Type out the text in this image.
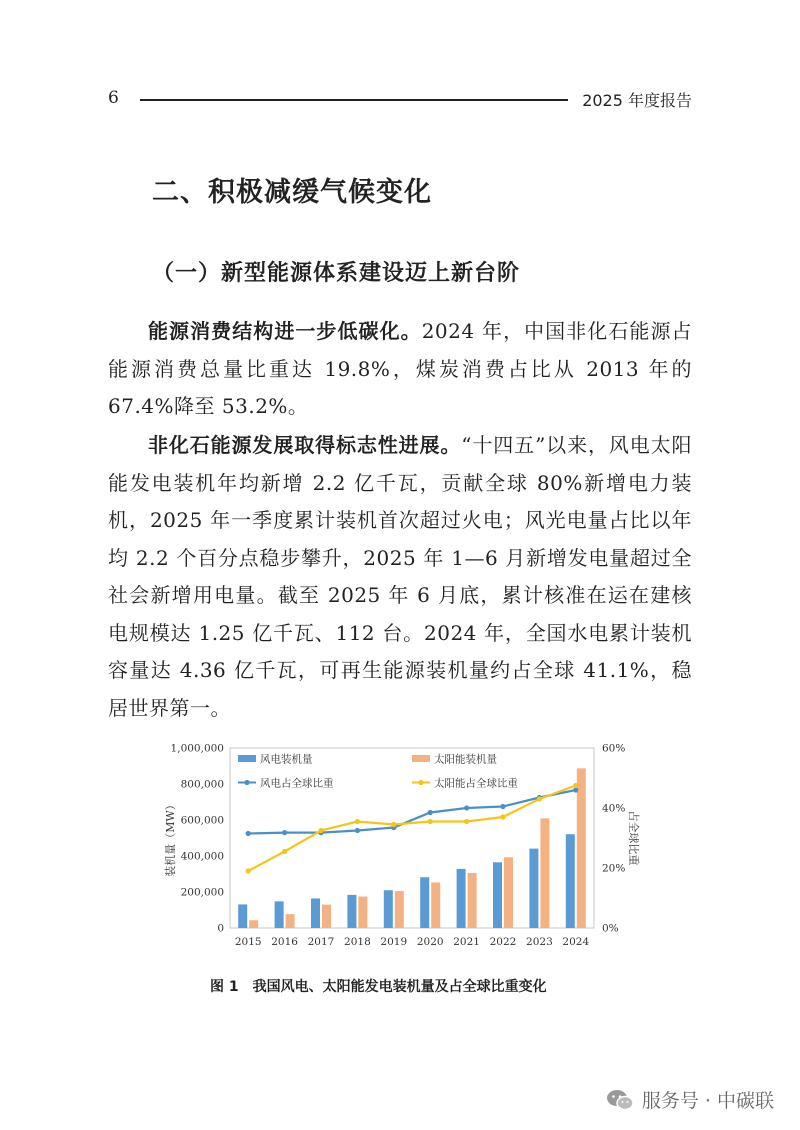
6	2025 年度报告
二、积极减缓气候变化
（一）新型能源体系建设迈上新台阶

能源消费结构进一步低碳化。2024 年，中国非化石能源占能源消费总量比重达 19.8%，煤炭消费占比从 2013 年的 67.4%降至 53.2%。

非化石能源发展取得标志性进展。“十四五”以来，风电太阳能发电装机年均新增 2.2 亿千瓦，贡献全球 80%新增电力装机，2025 年一季度累计装机首次超过火电；风光电量占比以年均 2.2 个百分点稳步攀升，2025 年 1—6 月新增发电量超过全社会新增用电量。截至 2025 年 6 月底，累计核准在运在建核电规模达 1.25 亿千瓦、112 台。2024 年，全国水电累计装机容量达 4.36 亿千瓦，可再生能源装机量约占全球 41.1%，稳居世界第一。

0
200,000
400,000
600,000
800,000
1,000,000
0%
20%
40%
60%
装机量（MW）	占全球比重
2015 2016 2017 2018 2019 2020 2021 2022 2023 2024
风电装机量	太阳能装机量
风电占全球比重	太阳能占全球比重

图 1 我国风电、太阳能发电装机量及占全球比重变化

服务号 · 中碳联
